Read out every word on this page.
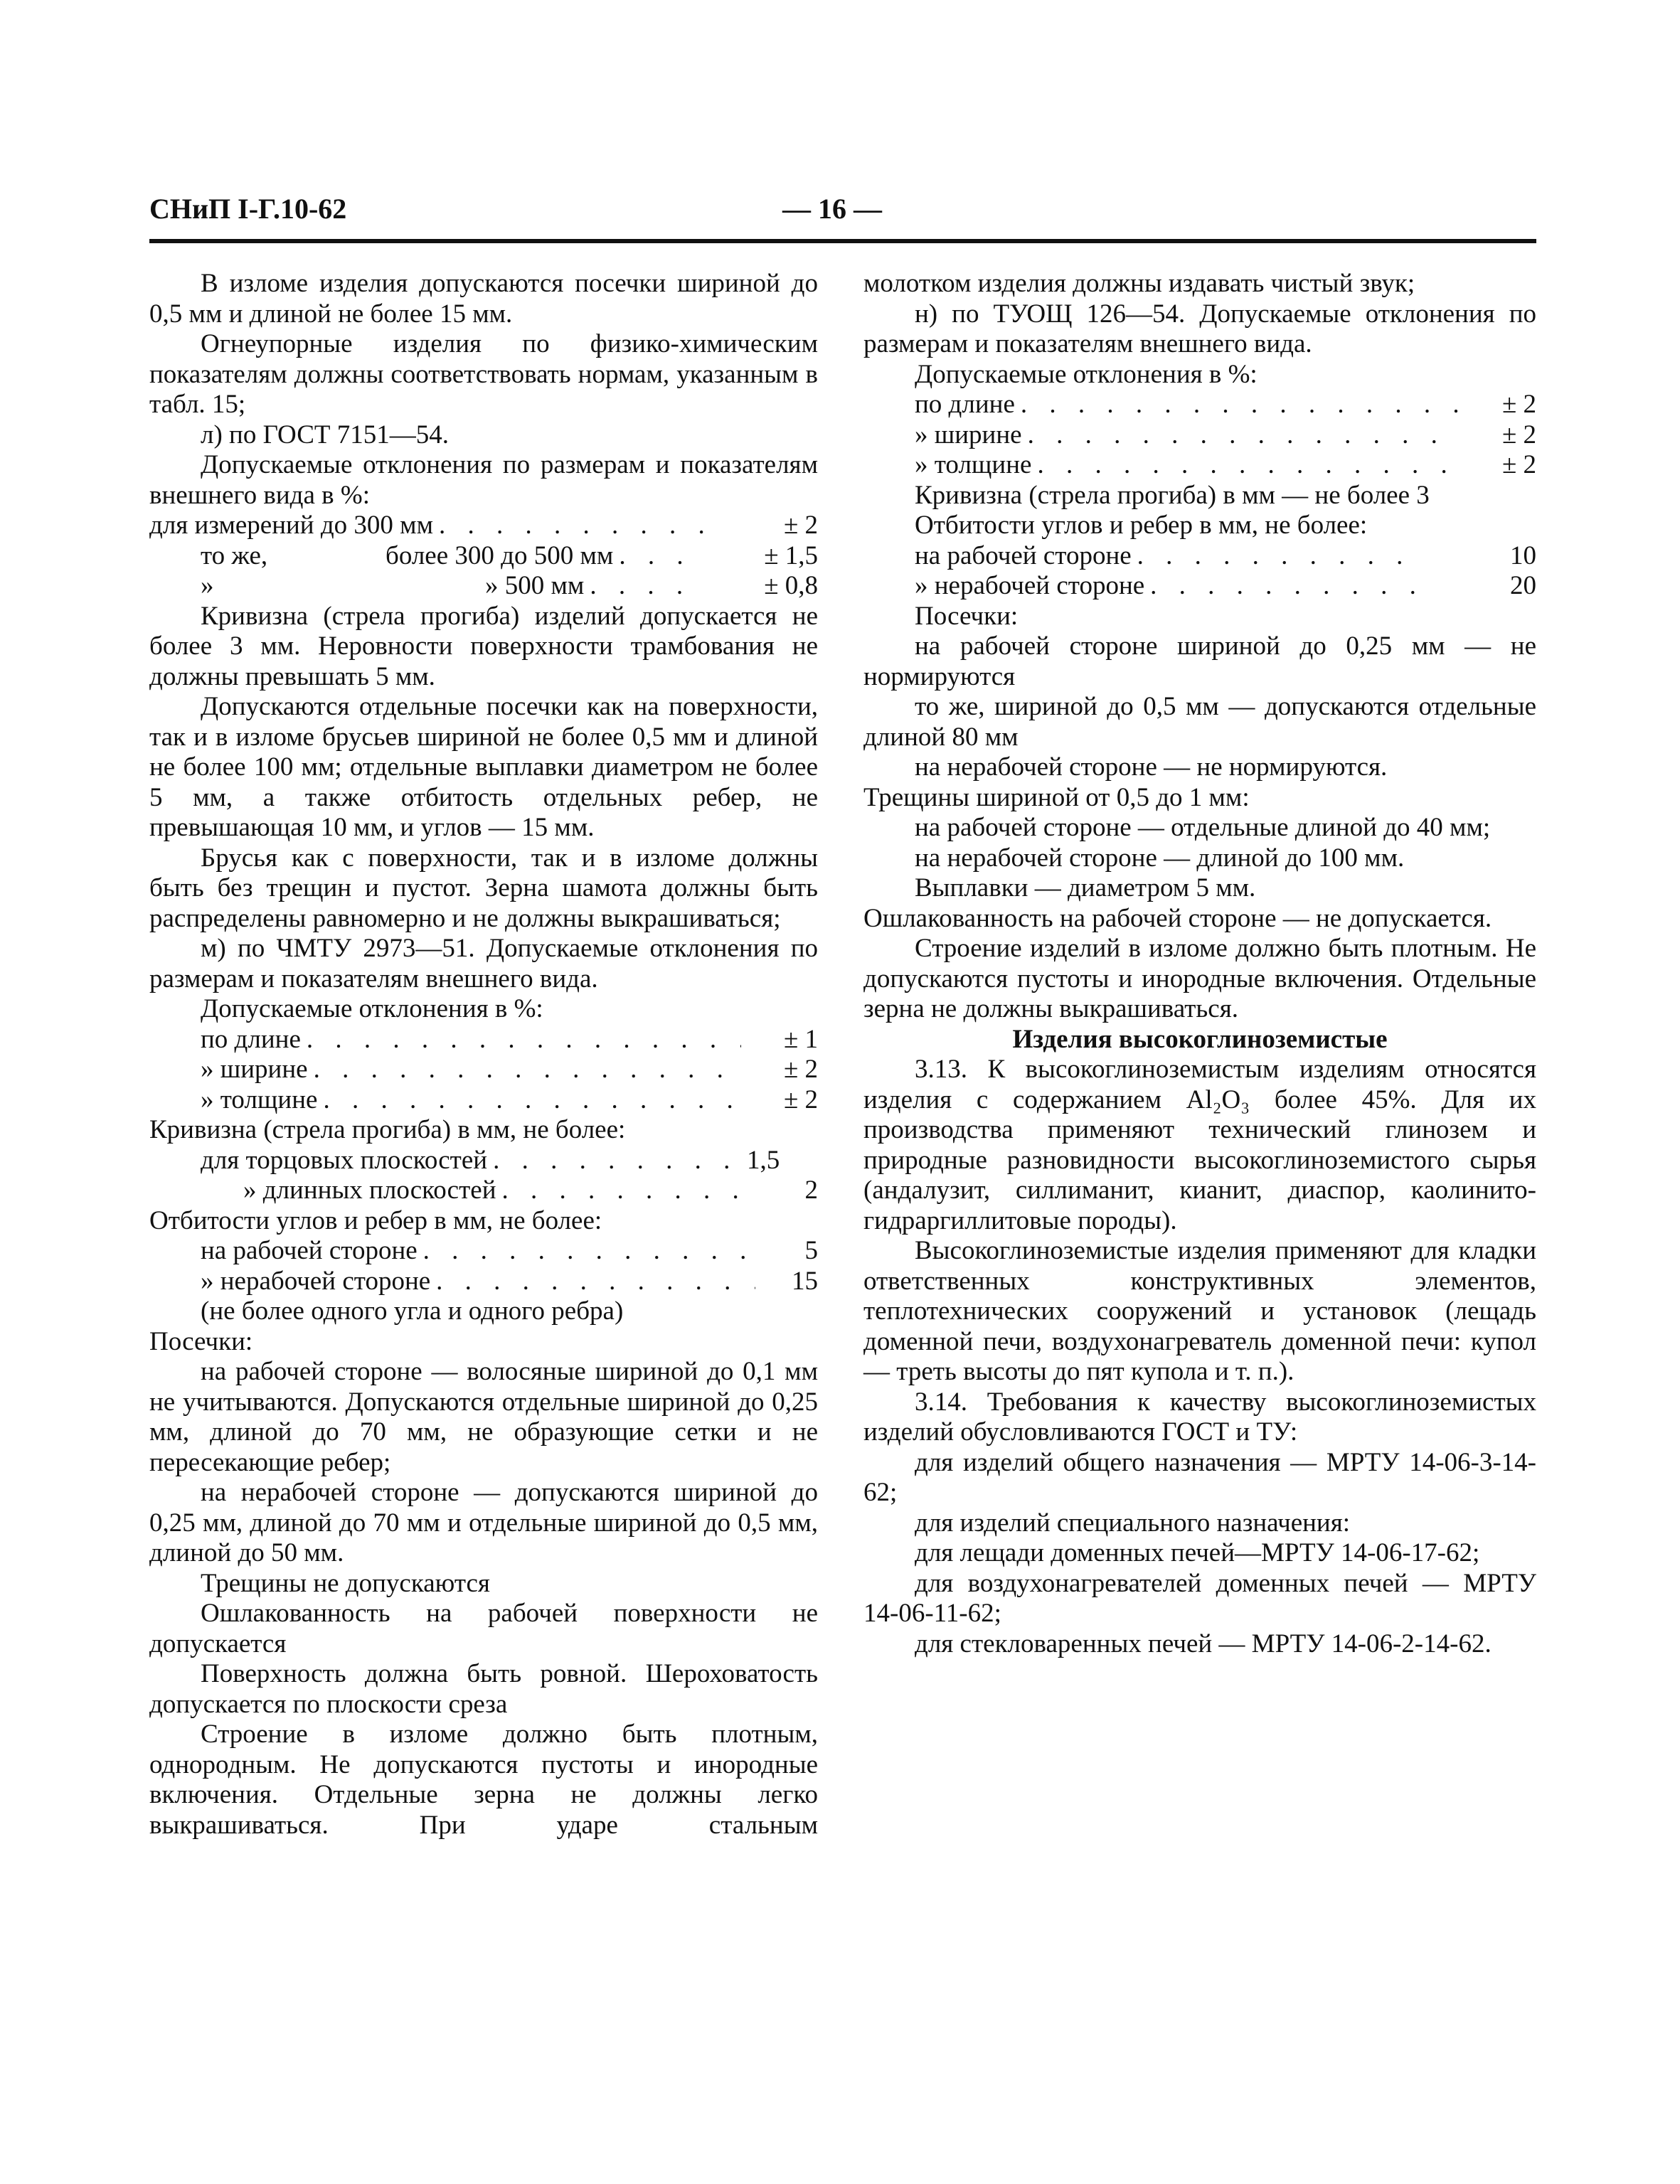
СНиП I-Г.10-62	— 16 —

В изломе изделия допускаются посечки шириной до 0,5 мм и длиной не более 15 мм.

Огнеупорные изделия по физико-химическим показателям должны соответствовать нормам, указанным в табл. 15;

л) по ГОСТ 7151—54.

Допускаемые отклонения по размерам и показателям внешнего вида в %:

для измерений до 300 мм . . .	± 2
то же,	более 300 до 500 мм . . .	± 1,5
»	» 500 мм . . .	± 0,8

Кривизна (стрела прогиба) изделий допускается не более 3 мм. Неровности поверхности трамбования не должны превышать 5 мм.

Допускаются отдельные посечки как на поверхности, так и в изломе брусьев шириной не более 0,5 мм и длиной не более 100 мм; отдельные выплавки диаметром не более 5 мм, а также отбитость отдельных ребер, не превышающая 10 мм, и углов — 15 мм.

Брусья как с поверхности, так и в изломе должны быть без трещин и пустот. Зерна шамота должны быть распределены равномерно и не должны выкрашиваться;

м) по ЧМТУ 2973—51. Допускаемые отклонения по размерам и показателям внешнего вида.

Допускаемые отклонения в %:

по длине . . .	± 1
» ширине . . .	± 2
» толщине . . .	± 2

Кривизна (стрела прогиба) в мм, не более:

для торцовых плоскостей . . .	1,5
» длинных плоскостей . . .	2

Отбитости углов и ребер в мм, не более:

на рабочей стороне . . .	5
» нерабочей стороне . . .	15

(не более одного угла и одного ребра)

Посечки:

на рабочей стороне — волосяные шириной до 0,1 мм не учитываются. Допускаются отдельные шириной до 0,25 мм, длиной до 70 мм, не образующие сетки и не пересекающие ребер;

на нерабочей стороне — допускаются шириной до 0,25 мм, длиной до 70 мм и отдельные шириной до 0,5 мм, длиной до 50 мм.

Трещины не допускаются

Ошлакованность на рабочей поверхности не допускается

Поверхность должна быть ровной. Шероховатость допускается по плоскости среза

Строение в изломе должно быть плотным, однородным. Не допускаются пустоты и инородные включения. Отдельные зерна не должны легко выкрашиваться. При ударе стальным

молотком изделия должны издавать чистый звук;

н) по ТУОЩ 126—54. Допускаемые отклонения по размерам и показателям внешнего вида.

Допускаемые отклонения в %:

по длине . . .	± 2
» ширине . . .	± 2
» толщине . . .	± 2

Кривизна (стрела прогиба) в мм — не более 3

Отбитости углов и ребер в мм, не более:

на рабочей стороне . . .	10
» нерабочей стороне . . .	20

Посечки:

на рабочей стороне шириной до 0,25 мм — не нормируются

то же, шириной до 0,5 мм — допускаются отдельные длиной 80 мм

на нерабочей стороне — не нормируются.

Трещины шириной от 0,5 до 1 мм:

на рабочей стороне — отдельные длиной до 40 мм;

на нерабочей стороне — длиной до 100 мм.

Выплавки — диаметром 5 мм.

Ошлакованность на рабочей стороне — не допускается.

Строение изделий в изломе должно быть плотным. Не допускаются пустоты и инородные включения. Отдельные зерна не должны выкрашиваться.

Изделия высокоглиноземистые

3.13. К высокоглиноземистым изделиям относятся изделия с содержанием Al₂O₃ более 45%. Для их производства применяют технический глинозем и природные разновидности высокоглиноземистого сырья (андалузит, силлиманит, кианит, диаспор, каолинито-гидраргиллитовые породы).

Высокоглиноземистые изделия применяют для кладки ответственных конструктивных элементов, теплотехнических сооружений и установок (лещадь доменной печи, воздухонагреватель доменной печи: купол — треть высоты до пят купола и т. п.).

3.14. Требования к качеству высокоглиноземистых изделий обусловливаются ГОСТ и ТУ:

для изделий общего назначения — МРТУ 14-06-3-14-62;

для изделий специального назначения:

для лещади доменных печей—МРТУ 14-06-17-62;

для воздухонагревателей доменных печей — МРТУ 14-06-11-62;

для стекловаренных печей — МРТУ 14-06-2-14-62.
